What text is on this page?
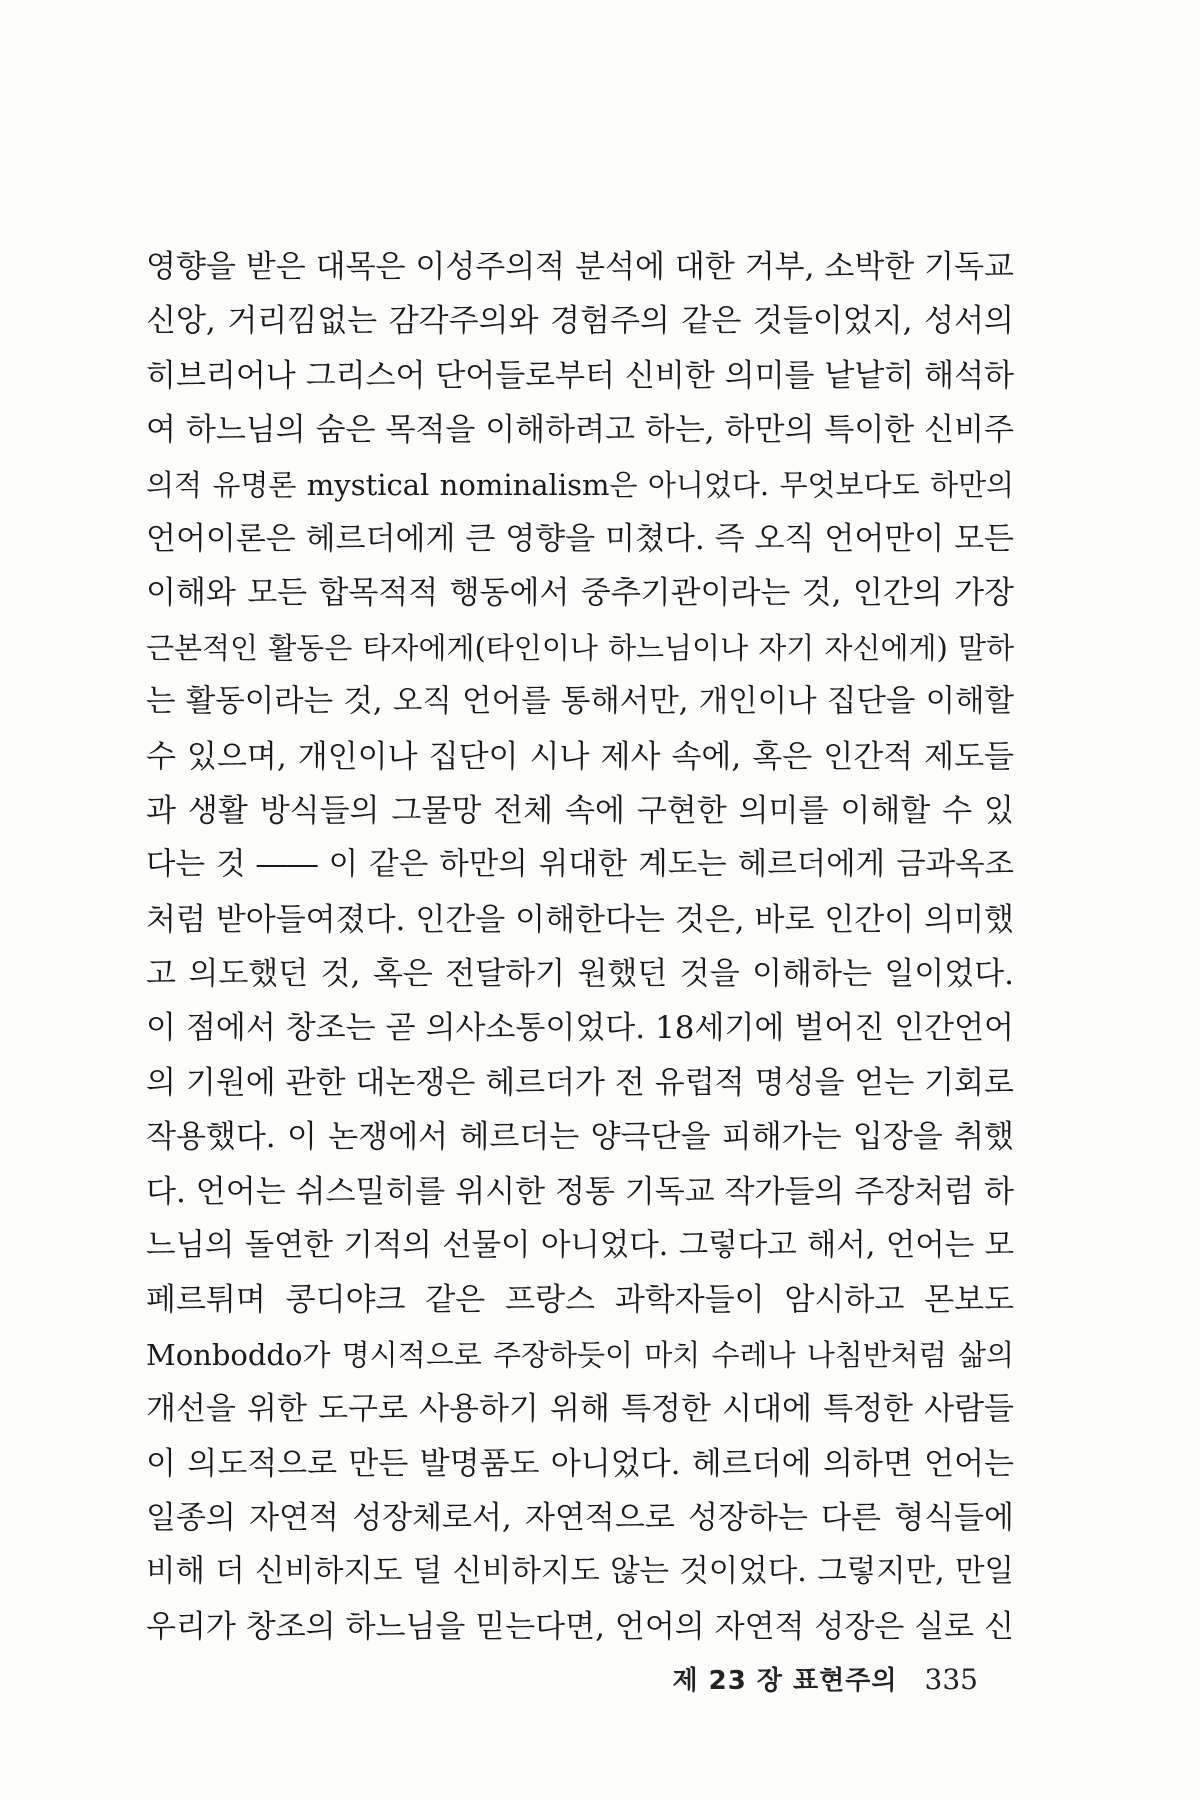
영향을 받은 대목은 이성주의적 분석에 대한 거부, 소박한 기독교
신앙, 거리낌없는 감각주의와 경험주의 같은 것들이었지, 성서의
히브리어나 그리스어 단어들로부터 신비한 의미를 낱낱히 해석하
여 하느님의 숨은 목적을 이해하려고 하는, 하만의 특이한 신비주
의적 유명론 mystical nominalism은 아니었다. 무엇보다도 하만의
언어이론은 헤르더에게 큰 영향을 미쳤다. 즉 오직 언어만이 모든
이해와 모든 합목적적 행동에서 중추기관이라는 것, 인간의 가장
근본적인 활동은 타자에게(타인이나 하느님이나 자기 자신에게) 말하
는 활동이라는 것, 오직 언어를 통해서만, 개인이나 집단을 이해할
수 있으며, 개인이나 집단이 시나 제사 속에, 혹은 인간적 제도들
과 생활 방식들의 그물망 전체 속에 구현한 의미를 이해할 수 있
다는 것 ―― 이 같은 하만의 위대한 계도는 헤르더에게 금과옥조
처럼 받아들여졌다. 인간을 이해한다는 것은, 바로 인간이 의미했
고 의도했던 것, 혹은 전달하기 원했던 것을 이해하는 일이었다.
이 점에서 창조는 곧 의사소통이었다. 18세기에 벌어진 인간언어
의 기원에 관한 대논쟁은 헤르더가 전 유럽적 명성을 얻는 기회로
작용했다. 이 논쟁에서 헤르더는 양극단을 피해가는 입장을 취했
다. 언어는 쉬스밀히를 위시한 정통 기독교 작가들의 주장처럼 하
느님의 돌연한 기적의 선물이 아니었다. 그렇다고 해서, 언어는 모
페르튀며 콩디야크 같은 프랑스 과학자들이 암시하고 몬보도
Monboddo가 명시적으로 주장하듯이 마치 수레나 나침반처럼 삶의
개선을 위한 도구로 사용하기 위해 특정한 시대에 특정한 사람들
이 의도적으로 만든 발명품도 아니었다. 헤르더에 의하면 언어는
일종의 자연적 성장체로서, 자연적으로 성장하는 다른 형식들에
비해 더 신비하지도 덜 신비하지도 않는 것이었다. 그렇지만, 만일
우리가 창조의 하느님을 믿는다면, 언어의 자연적 성장은 실로 신
제 23 장 표현주의 335
